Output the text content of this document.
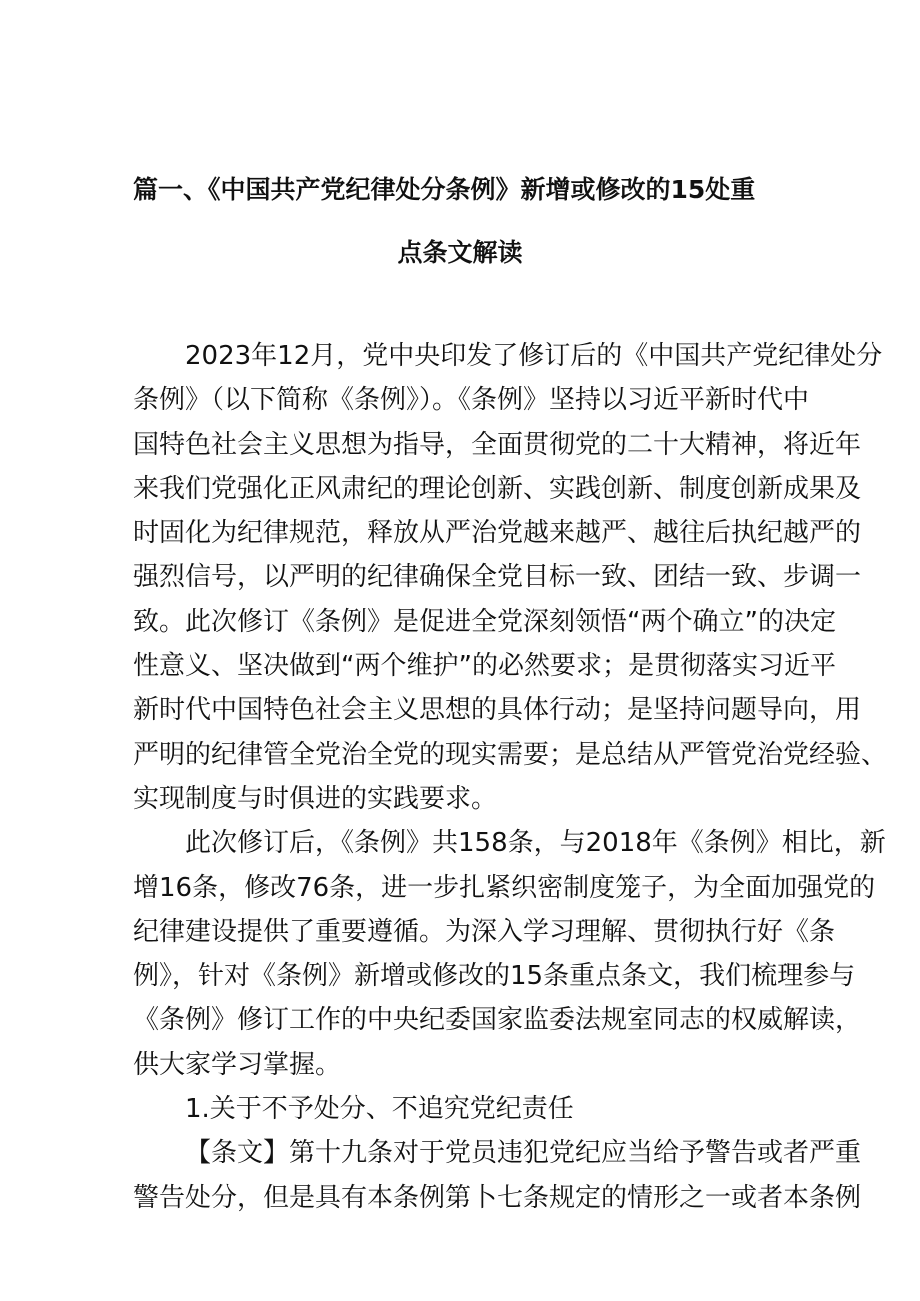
篇一、《中国共产党纪律处分条例》新增或修改的15处重
点条文解读
2023年12月，党中央印发了修订后的《中国共产党纪律处分
条例》（以下简称《条例》）。《条例》坚持以习近平新时代中
国特色社会主义思想为指导，全面贯彻党的二十大精神，将近年
来我们党强化正风肃纪的理论创新、实践创新、制度创新成果及
时固化为纪律规范，释放从严治党越来越严、越往后执纪越严的
强烈信号，以严明的纪律确保全党目标一致、团结一致、步调一
致。此次修订《条例》是促进全党深刻领悟“两个确立”的决定
性意义、坚决做到“两个维护”的必然要求；是贯彻落实习近平
新时代中国特色社会主义思想的具体行动；是坚持问题导向，用
严明的纪律管全党治全党的现实需要；是总结从严管党治党经验、
实现制度与时俱进的实践要求。
此次修订后，《条例》共158条，与2018年《条例》相比，新
增16条，修改76条，进一步扎紧织密制度笼子，为全面加强党的
纪律建设提供了重要遵循。为深入学习理解、贯彻执行好《条
例》，针对《条例》新增或修改的15条重点条文，我们梳理参与
《条例》修订工作的中央纪委国家监委法规室同志的权威解读，
供大家学习掌握。
1.关于不予处分、不追究党纪责任
【条文】第十九条对于党员违犯党纪应当给予警告或者严重
警告处分，但是具有本条例第卜七条规定的情形之一或者本条例
